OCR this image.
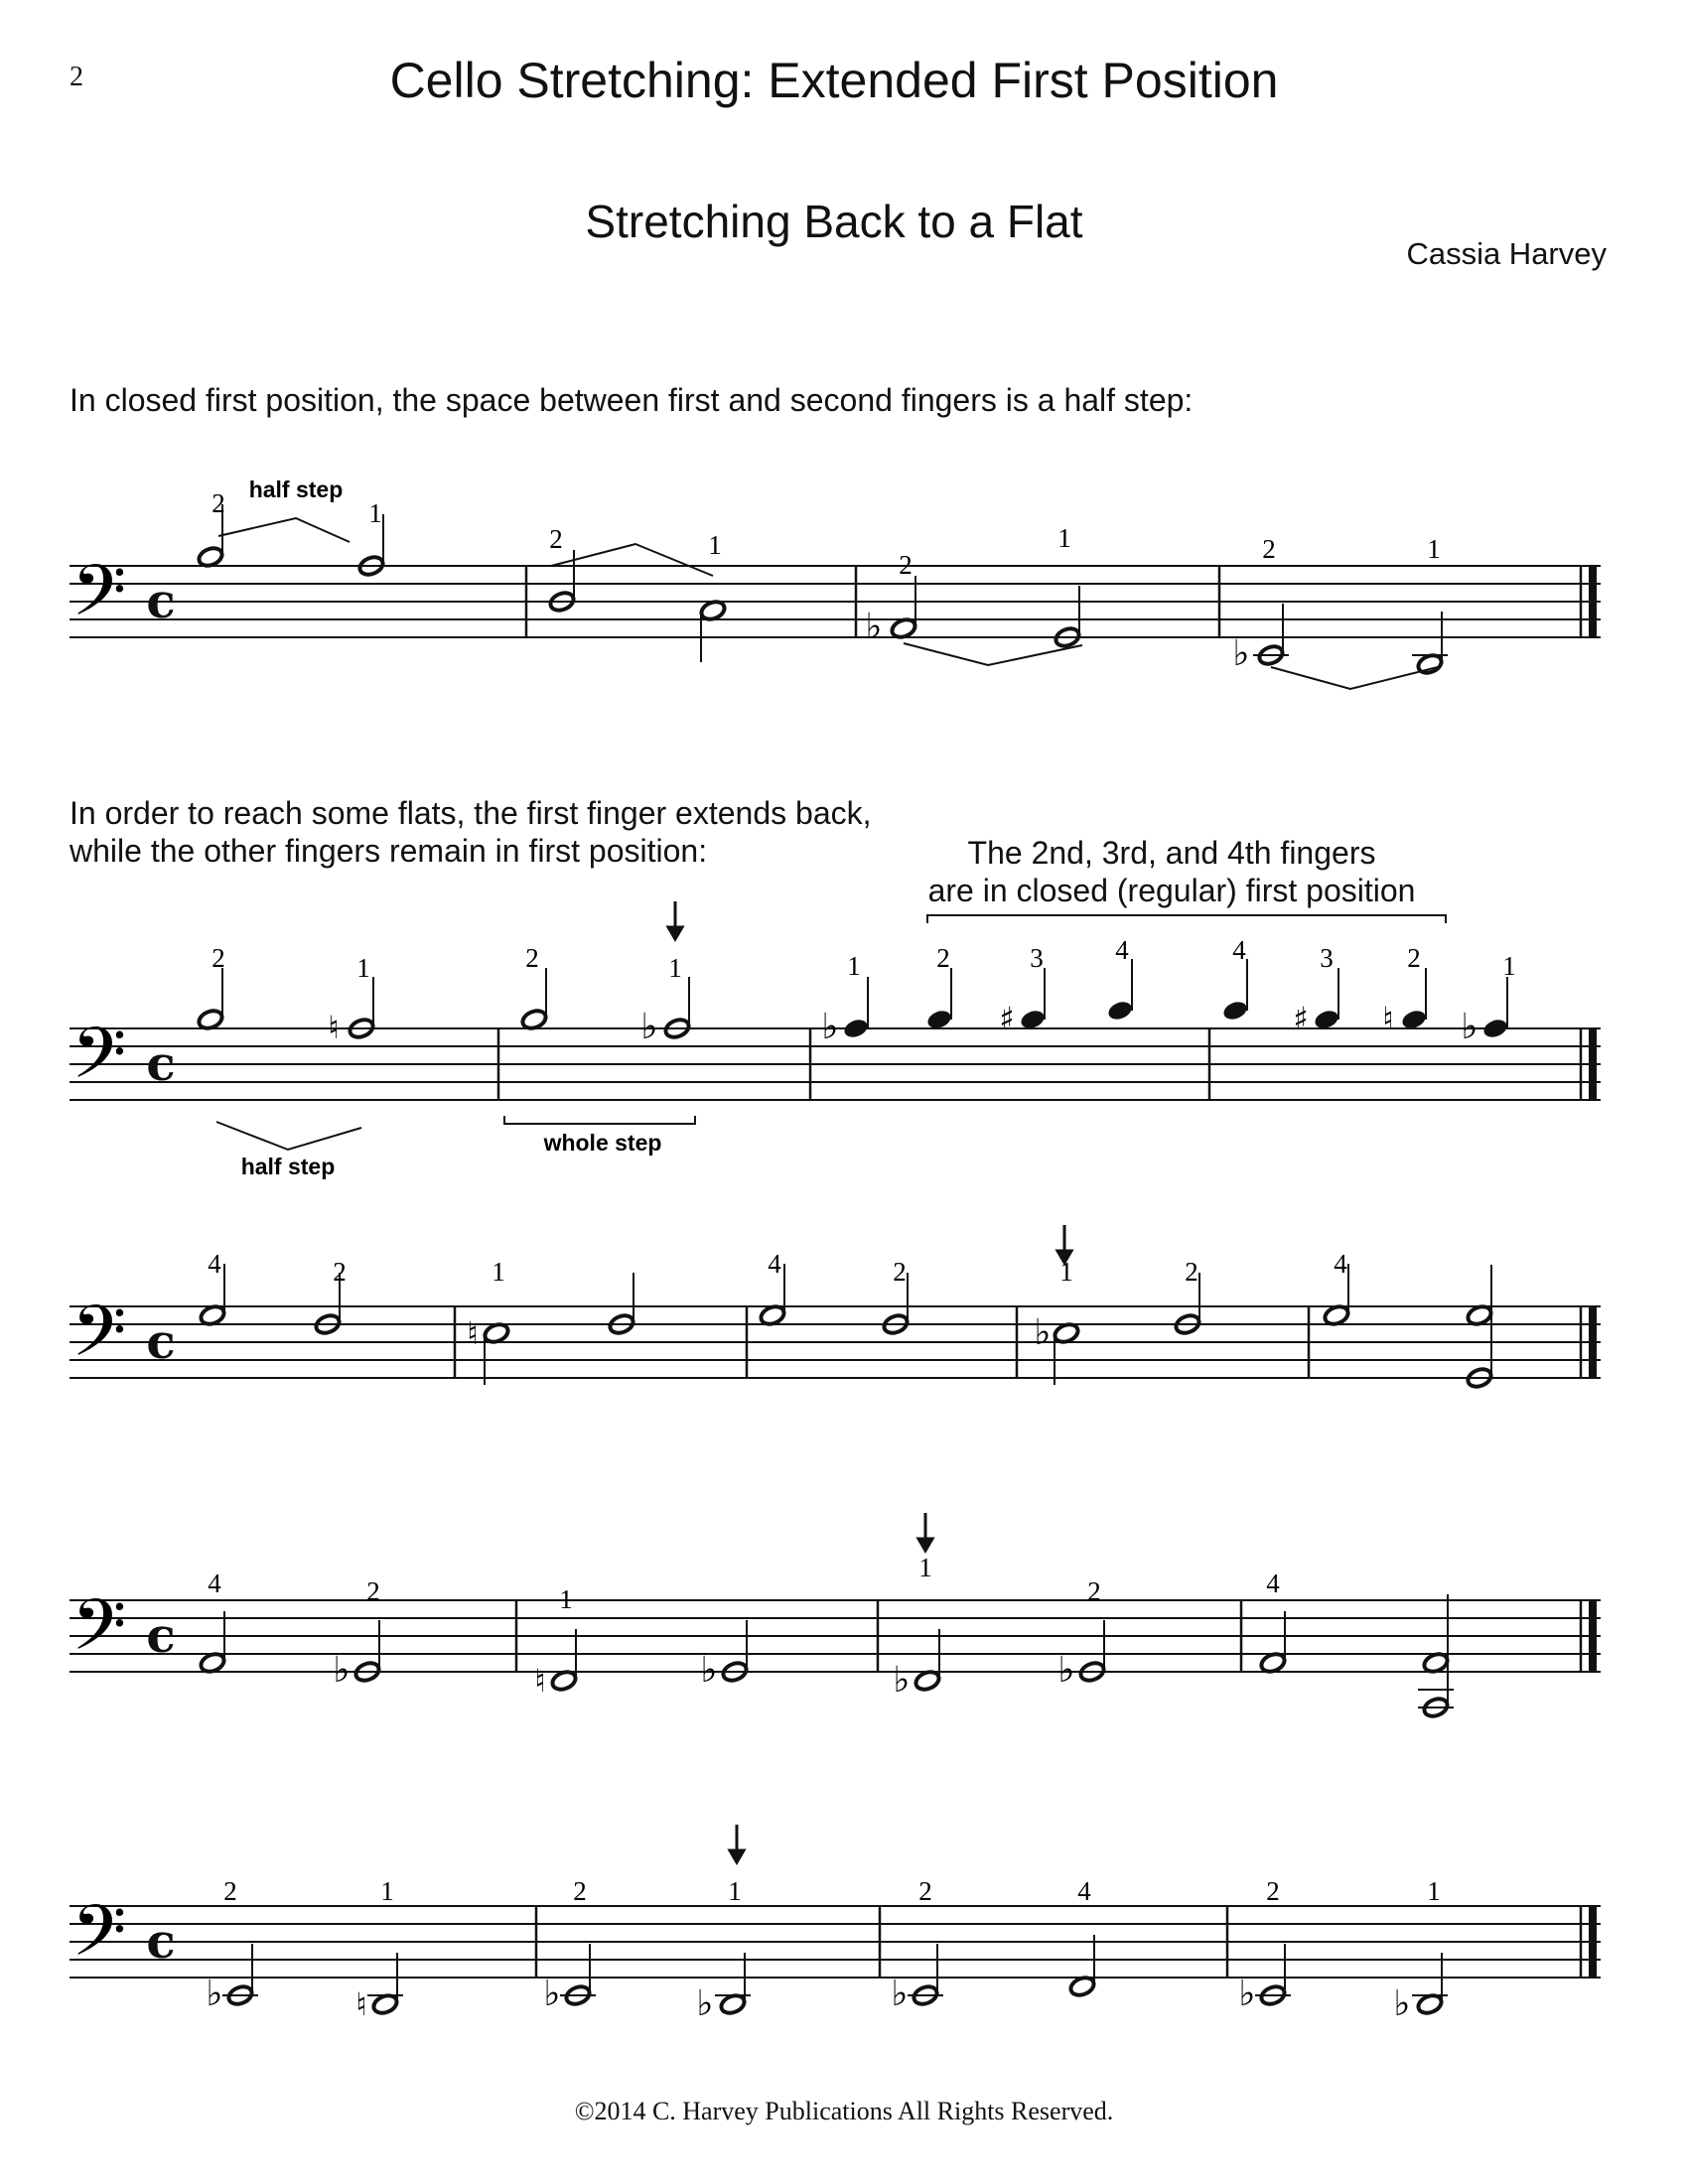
2	Cello Stretching: Extended First Position
Stretching Back to a Flat
Cassia Harvey
In closed first position, the space between first and second fingers is a half step:
In order to reach some flats, the first finger extends back,
while the other fingers remain in first position:	The 2nd, 3rd, and 4th fingers
are in closed (regular) first position
𝄢 c
half step
2	1
2	1
♭
2
1
♭
2	1
𝄢 c
half step
whole step
2
♮
1	2
♭
1
♭
1	2
♯
3	4	4
♯
3
♮
2
♭
1
𝄢 c
4	2
♮
1	4	2
♭
1	2	4
𝄢 c
4
♭
2
♮
1
♭	♭
1
♭
2	4
𝄢 c
♭
2
♮
1
♭
2
♭
1
♭
2	4
♭
2
♭
1
©2014 C. Harvey Publications All Rights Reserved.
